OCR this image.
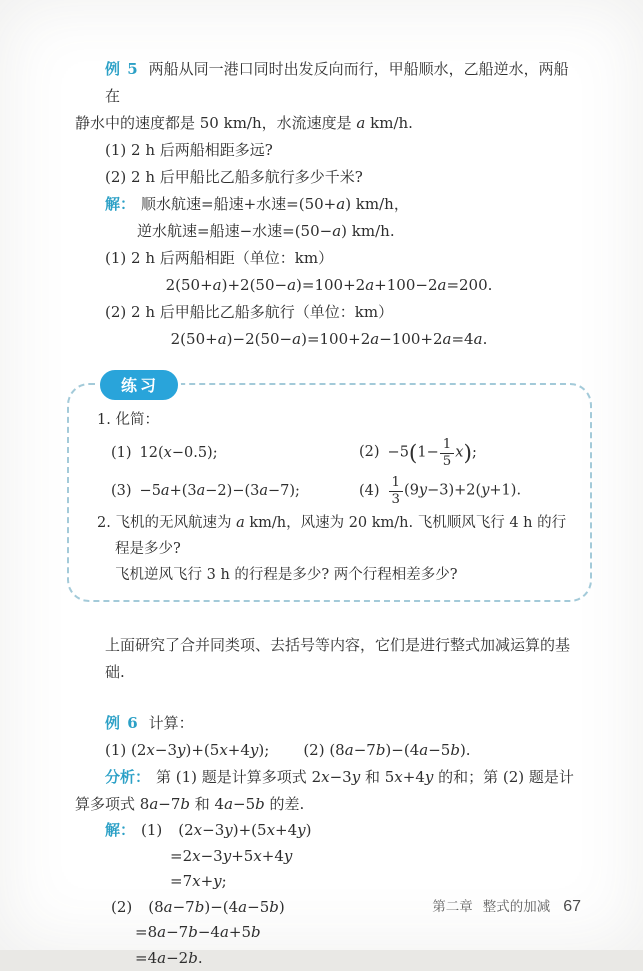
例 5 两船从同一港口同时出发反向而行，甲船顺水，乙船逆水，两船在

静水中的速度都是 50 km/h，水流速度是 a km/h.

(1) 2 h 后两船相距多远?

(2) 2 h 后甲船比乙船多航行多少千米?

解： 顺水航速=船速+水速=(50+a) km/h，

逆水航速=船速−水速=(50−a) km/h.

(1) 2 h 后两船相距（单位：km）

2(50+a)+2(50−a)=100+2a+100−2a=200.

(2) 2 h 后甲船比乙船多航行（单位：km）

2(50+a)−2(50−a)=100+2a−100+2a=4a.

练习

1. 化简：

(1) 12(x−0.5);	$(2) -5(1- \frac{1}{5} x)$;
(3) −5a+(3a−2)−(3a−7);	$(4) \frac{1}{3} (9y-3)+2(y+1)$.

2. 飞机的无风航速为 a km/h，风速为 20 km/h. 飞机顺风飞行 4 h 的行程是多少?

飞机逆风飞行 3 h 的行程是多少? 两个行程相差多少?

上面研究了合并同类项、去括号等内容，它们是进行整式加减运算的基础.

例 6 计算：

(1) (2x−3y)+(5x+4y); (2) (8a−7b)−(4a−5b).

分析： 第 (1) 题是计算多项式 2x−3y 和 5x+4y 的和；第 (2) 题是计

算多项式 8a−7b 和 4a−5b 的差.

解： (1) (2x−3y)+(5x+4y)

=2x−3y+5x+4y

=7x+y;

(2) (8a−7b)−(4a−5b)

=8a−7b−4a+5b

=4a−2b.

第二章 整式的加减 67
